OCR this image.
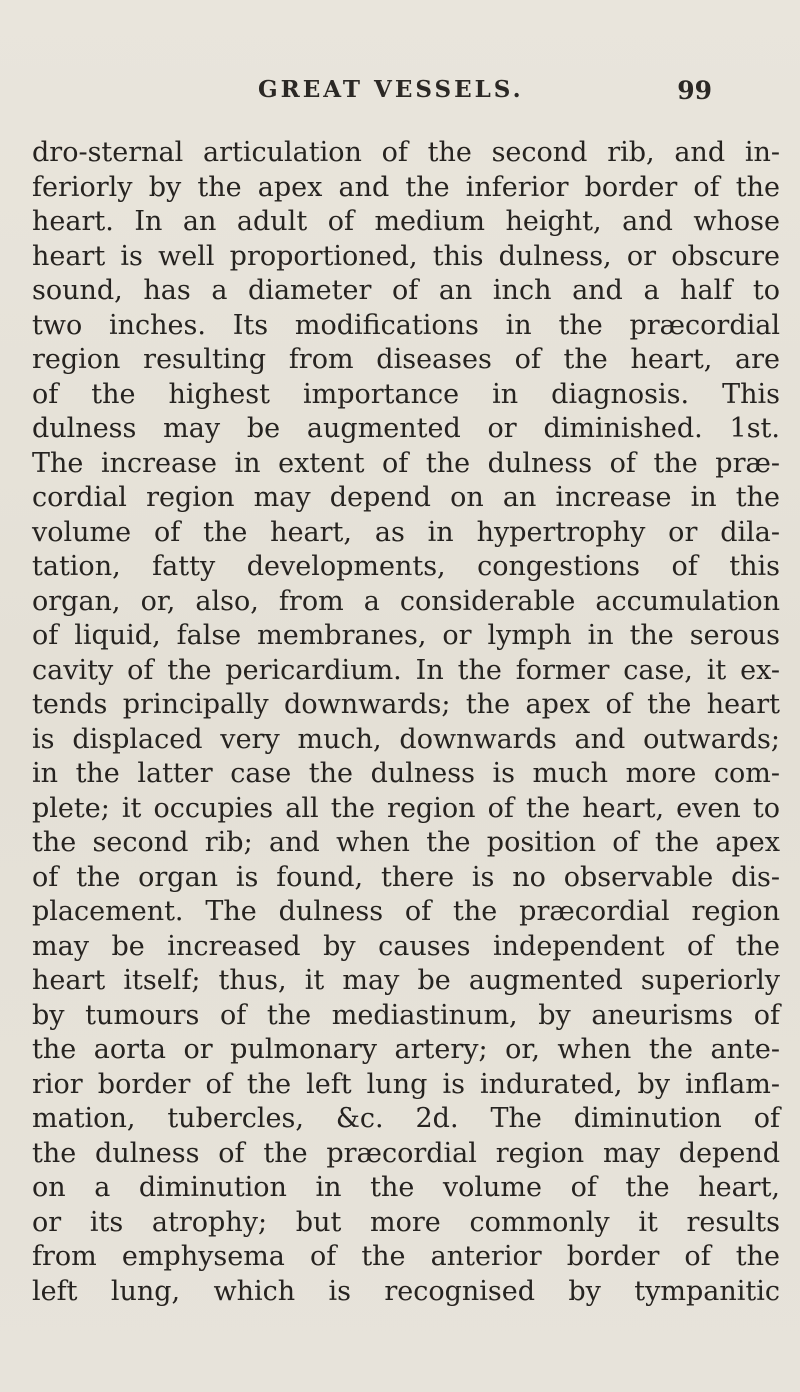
GREAT VESSELS.	99
dro-sternal articulation of the second rib, and in-
feriorly by the apex and the inferior border of the
heart. In an adult of medium height, and whose
heart is well proportioned, this dulness, or obscure
sound, has a diameter of an inch and a half to
two inches. Its modifications in the præcordial
region resulting from diseases of the heart, are
of the highest importance in diagnosis. This
dulness may be augmented or diminished. 1st.
The increase in extent of the dulness of the præ-
cordial region may depend on an increase in the
volume of the heart, as in hypertrophy or dila-
tation, fatty developments, congestions of this
organ, or, also, from a considerable accumulation
of liquid, false membranes, or lymph in the serous
cavity of the pericardium. In the former case, it ex-
tends principally downwards; the apex of the heart
is displaced very much, downwards and outwards;
in the latter case the dulness is much more com-
plete; it occupies all the region of the heart, even to
the second rib; and when the position of the apex
of the organ is found, there is no observable dis-
placement. The dulness of the præcordial region
may be increased by causes independent of the
heart itself; thus, it may be augmented superiorly
by tumours of the mediastinum, by aneurisms of
the aorta or pulmonary artery; or, when the ante-
rior border of the left lung is indurated, by inflam-
mation, tubercles, &c. 2d. The diminution of
the dulness of the præcordial region may depend
on a diminution in the volume of the heart,
or its atrophy; but more commonly it results
from emphysema of the anterior border of the
left lung, which is recognised by tympanitic
